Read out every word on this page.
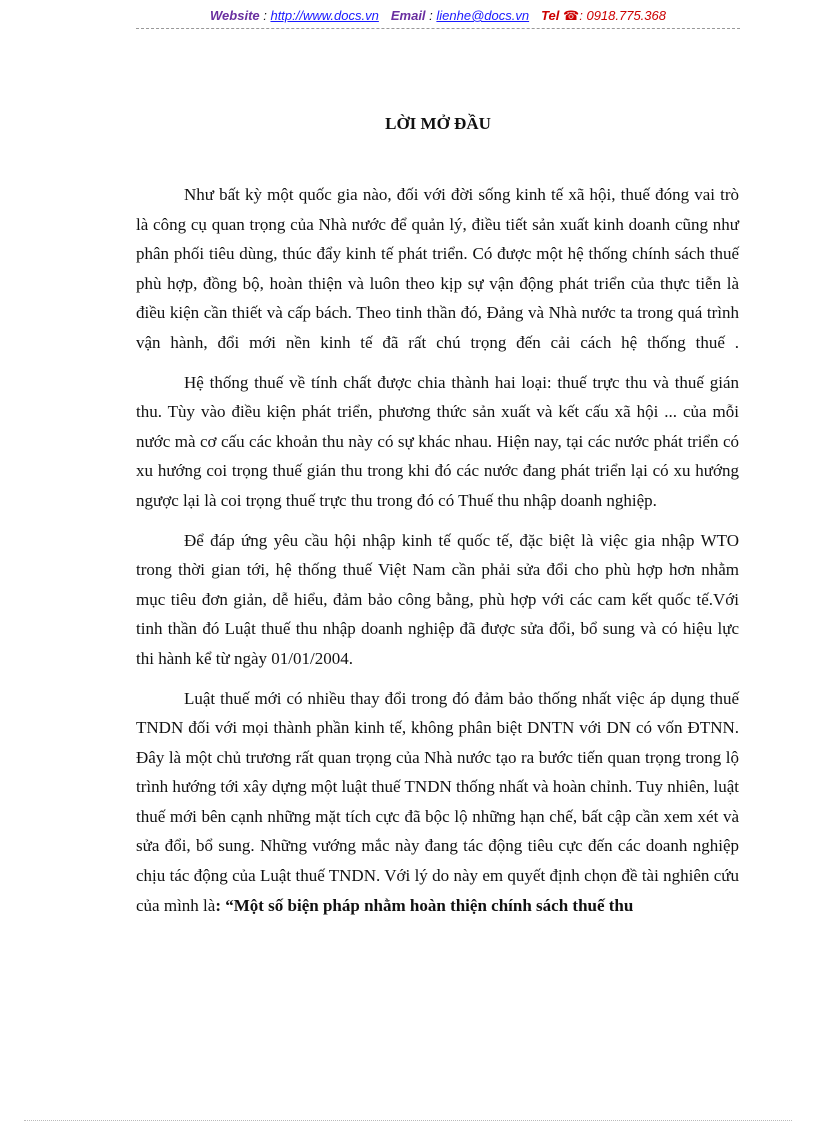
Website : http://www.docs.vn Email : lienhe@docs.vn Tel ☎: 0918.775.368
LỜI MỞ ĐẦU

Như bất kỳ một quốc gia nào, đối với đời sống kinh tế xã hội, thuế đóng vai trò là công cụ quan trọng của Nhà nước để quản lý, điều tiết sản xuất kinh doanh cũng như phân phối tiêu dùng, thúc đẩy kinh tế phát triển. Có được một hệ thống chính sách thuế phù hợp, đồng bộ, hoàn thiện và luôn theo kịp sự vận động phát triển của thực tiễn là điều kiện cần thiết và cấp bách. Theo tinh thần đó, Đảng và Nhà nước ta trong quá trình vận hành, đổi mới nền kinh tế đã rất chú trọng đến cải cách hệ thống thuế .

Hệ thống thuế về tính chất được chia thành hai loại: thuế trực thu và thuế gián thu. Tùy vào điều kiện phát triển, phương thức sản xuất và kết cấu xã hội ... của mỗi nước mà cơ cấu các khoản thu này có sự khác nhau. Hiện nay, tại các nước phát triển có xu hướng coi trọng thuế gián thu trong khi đó các nước đang phát triển lại có xu hướng ngược lại là coi trọng thuế trực thu trong đó có Thuế thu nhập doanh nghiệp.

Để đáp ứng yêu cầu hội nhập kinh tế quốc tế, đặc biệt là việc gia nhập WTO trong thời gian tới, hệ thống thuế Việt Nam cần phải sửa đổi cho phù hợp hơn nhằm mục tiêu đơn giản, dễ hiểu, đảm bảo công bằng, phù hợp với các cam kết quốc tế.Với tinh thần đó Luật thuế thu nhập doanh nghiệp đã được sửa đổi, bổ sung và có hiệu lực thi hành kể từ ngày 01/01/2004.

Luật thuế mới có nhiều thay đổi trong đó đảm bảo thống nhất việc áp dụng thuế TNDN đối với mọi thành phần kinh tế, không phân biệt DNTN với DN có vốn ĐTNN. Đây là một chủ trương rất quan trọng của Nhà nước tạo ra bước tiến quan trọng trong lộ trình hướng tới xây dựng một luật thuế TNDN thống nhất và hoàn chỉnh. Tuy nhiên, luật thuế mới bên cạnh những mặt tích cực đã bộc lộ những hạn chế, bất cập cần xem xét và sửa đổi, bổ sung. Những vướng mắc này đang tác động tiêu cực đến các doanh nghiệp chịu tác động của Luật thuế TNDN. Với lý do này em quyết định chọn đề tài nghiên cứu của mình là: “Một số biện pháp nhằm hoàn thiện chính sách thuế thu
